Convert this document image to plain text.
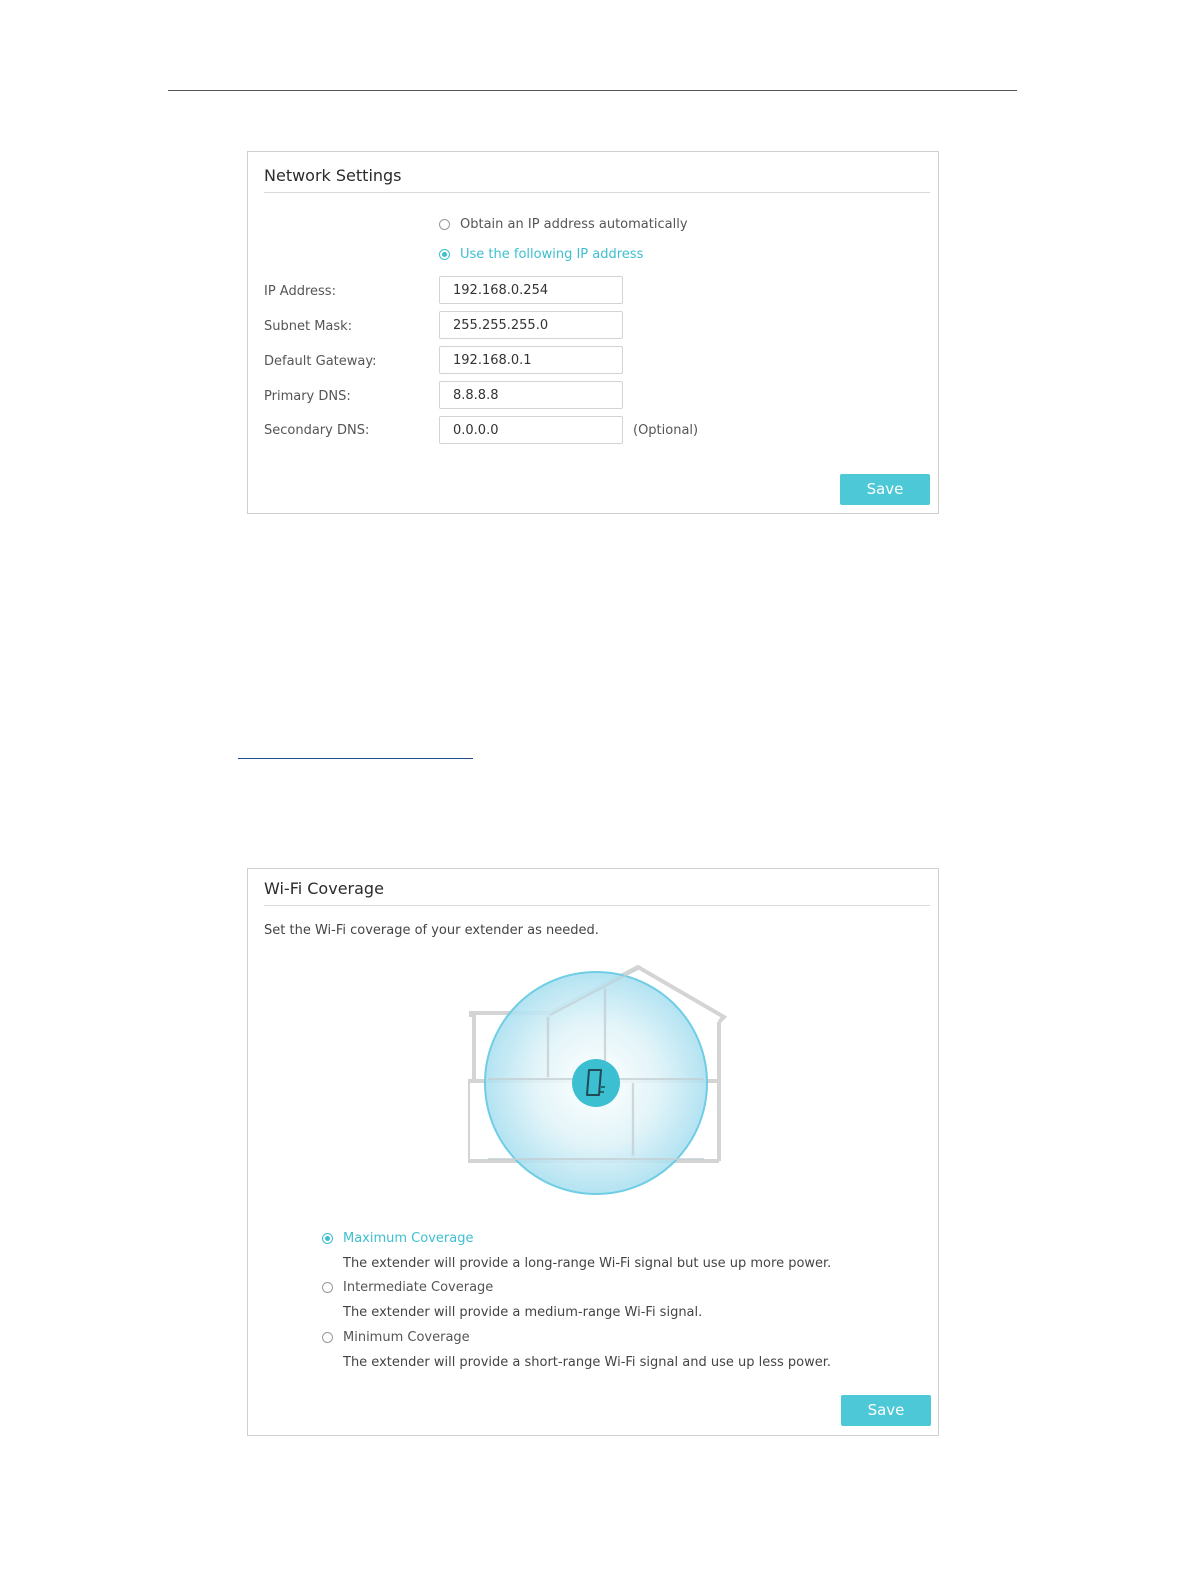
Network Settings
Obtain an IP address automatically
Use the following IP address
IP Address:	192.168.0.254
Subnet Mask:	255.255.255.0
Default Gateway:	192.168.0.1
Primary DNS:	8.8.8.8
Secondary DNS:	0.0.0.0	(Optional)
Save
Wi-Fi Coverage
Set the Wi-Fi coverage of your extender as needed.
Maximum Coverage
The extender will provide a long-range Wi-Fi signal but use up more power.
Intermediate Coverage
The extender will provide a medium-range Wi-Fi signal.
Minimum Coverage
The extender will provide a short-range Wi-Fi signal and use up less power.
Save
